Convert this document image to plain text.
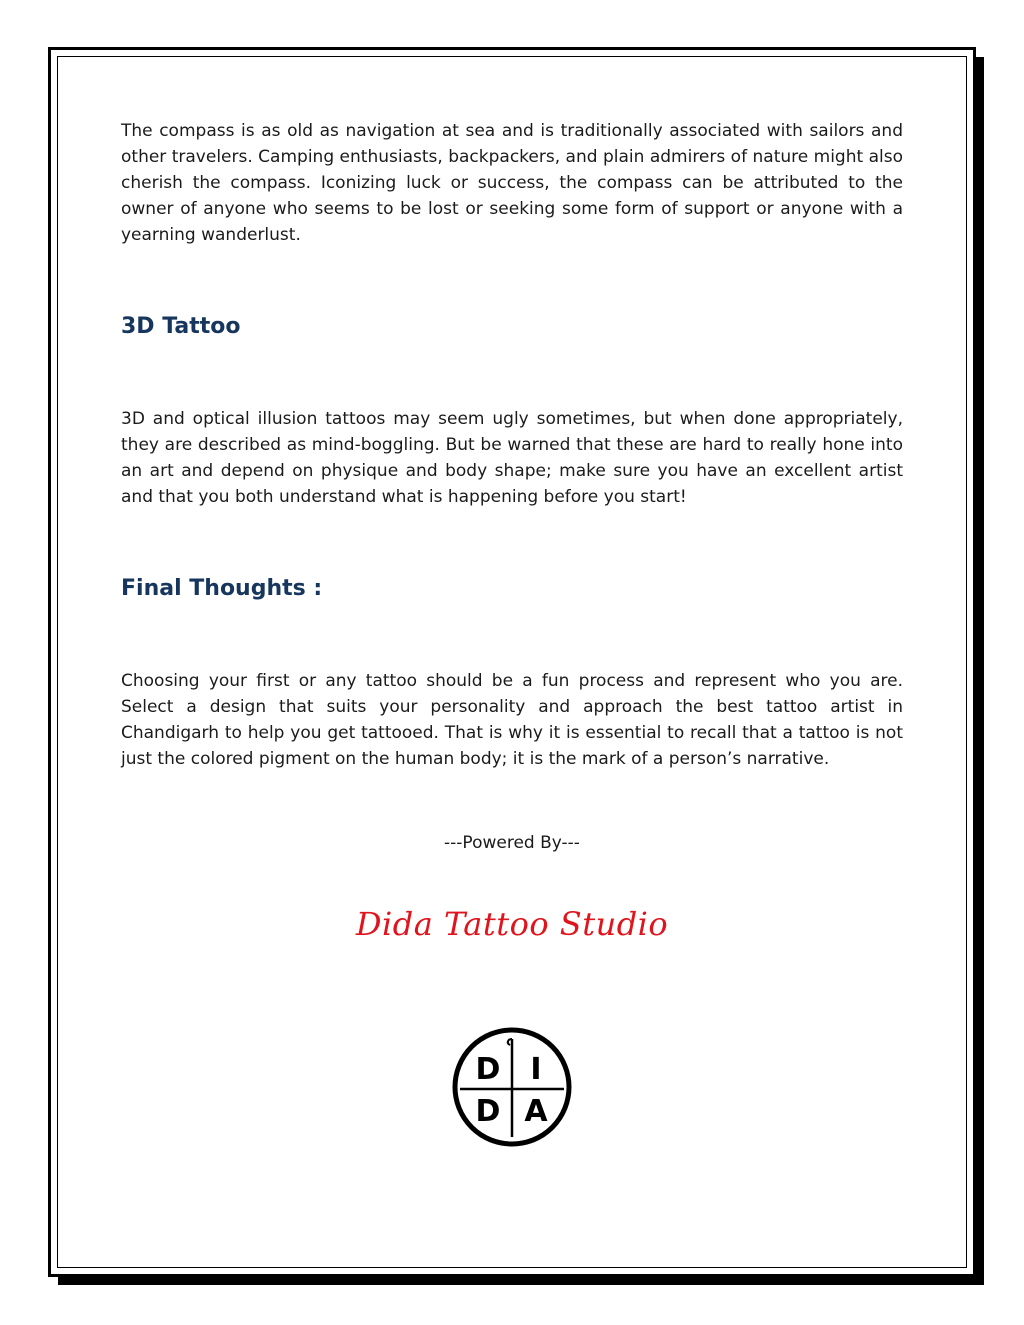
The compass is as old as navigation at sea and is traditionally associated with sailors and other travelers. Camping enthusiasts, backpackers, and plain admirers of nature might also cherish the compass. Iconizing luck or success, the compass can be attributed to the owner of anyone who seems to be lost or seeking some form of support or anyone with a yearning wanderlust.

3D Tattoo

3D and optical illusion tattoos may seem ugly sometimes, but when done appropriately, they are described as mind-boggling. But be warned that these are hard to really hone into an art and depend on physique and body shape; make sure you have an excellent artist and that you both understand what is happening before you start!

Final Thoughts :

Choosing your first or any tattoo should be a fun process and represent who you are. Select a design that suits your personality and approach the best tattoo artist in Chandigarh to help you get tattooed. That is why it is essential to recall that a tattoo is not just the colored pigment on the human body; it is the mark of a person’s narrative.

---Powered By---

Dida Tattoo Studio

D I
D A
